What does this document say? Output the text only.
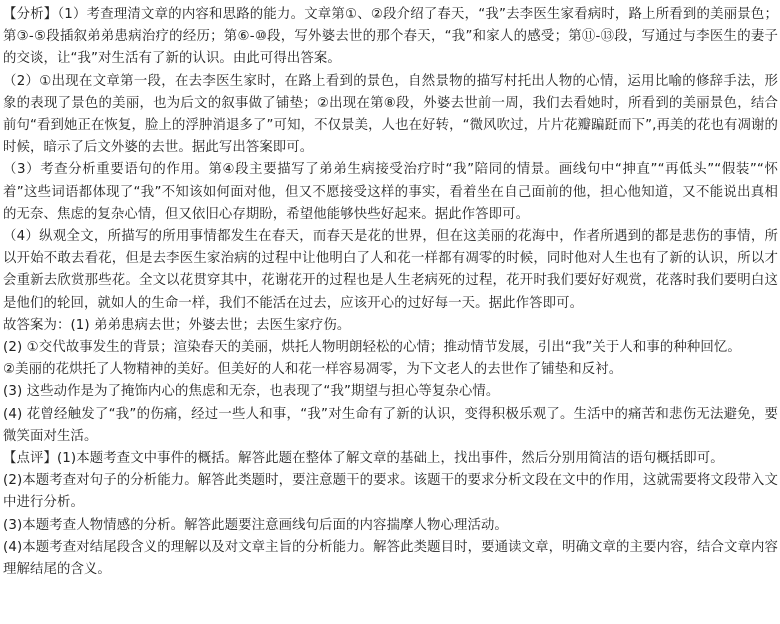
【分析】（1）考查理清文章的内容和思路的能力。文章第①、②段介绍了春天，“我”去李医生家看病时，路上所看到的美丽景色；第③-⑤段插叙弟弟患病治疗的经历；第⑥-⑩段，写外婆去世的那个春天，“我”和家人的感受；第⑪-⑬段，写通过与李医生的妻子的交谈，让“我”对生活有了新的认识。由此可得出答案。

（2）①出现在文章第一段，在去李医生家时，在路上看到的景色，自然景物的描写村托出人物的心情，运用比喻的修辞手法，形象的表现了景色的美丽，也为后文的叙事做了铺垫；②出现在第⑧段，外婆去世前一周，我们去看她时，所看到的美丽景色，结合前句“看到她正在恢复，脸上的浮肿消退多了”可知，不仅景美，人也在好转，“微风吹过，片片花瓣蹁跹而下”,再美的花也有凋谢的时候，暗示了后文外婆的去世。据此写出答案即可。

（3）考查分析重要语句的作用。第④段主要描写了弟弟生病接受治疗时“我”陪同的情景。画线句中“抻直”“再低头”“假装”“怀着”这些词语都体现了“我”不知该如何面对他，但又不愿接受这样的事实，看着坐在自己面前的他，担心他知道，又不能说出真相的无奈、焦虑的复杂心情，但又依旧心存期盼，希望他能够快些好起来。据此作答即可。

（4）纵观全文，所描写的所用事情都发生在春天，而春天是花的世界，但在这美丽的花海中，作者所遇到的都是悲伤的事情，所以开始不敢去看花，但是去李医生家治病的过程中让他明白了人和花一样都有凋零的时候，同时他对人生也有了新的认识，所以才会重新去欣赏那些花。全文以花贯穿其中，花谢花开的过程也是人生老病死的过程，花开时我们要好好观赏，花落时我们要明白这是他们的轮回，就如人的生命一样，我们不能活在过去，应该开心的过好每一天。据此作答即可。

故答案为：(1) 弟弟患病去世；外婆去世；去医生家疗伤。

(2) ①交代故事发生的背景；渲染春天的美丽，烘托人物明朗轻松的心情；推动情节发展，引出“我”关于人和事的种种回忆。

②美丽的花烘托了人物精神的美好。但美好的人和花一样容易凋零，为下文老人的去世作了铺垫和反衬。

(3) 这些动作是为了掩饰内心的焦虑和无奈，也表现了“我”期望与担心等复杂心情。

(4) 花曾经触发了“我”的伤痛，经过一些人和事，“我”对生命有了新的认识，变得积极乐观了。生活中的痛苦和悲伤无法避免，要微笑面对生活。

【点评】(1)本题考查文中事件的概括。解答此题在整体了解文章的基础上，找出事件，然后分别用简洁的语句概括即可。

(2)本题考查对句子的分析能力。解答此类题时，要注意题干的要求。该题干的要求分析文段在文中的作用，这就需要将文段带入文中进行分析。

(3)本题考查人物情感的分析。解答此题要注意画线句后面的内容揣摩人物心理活动。

(4)本题考查对结尾段含义的理解以及对文章主旨的分析能力。解答此类题目时，要通读文章，明确文章的主要内容，结合文章内容理解结尾的含义。
